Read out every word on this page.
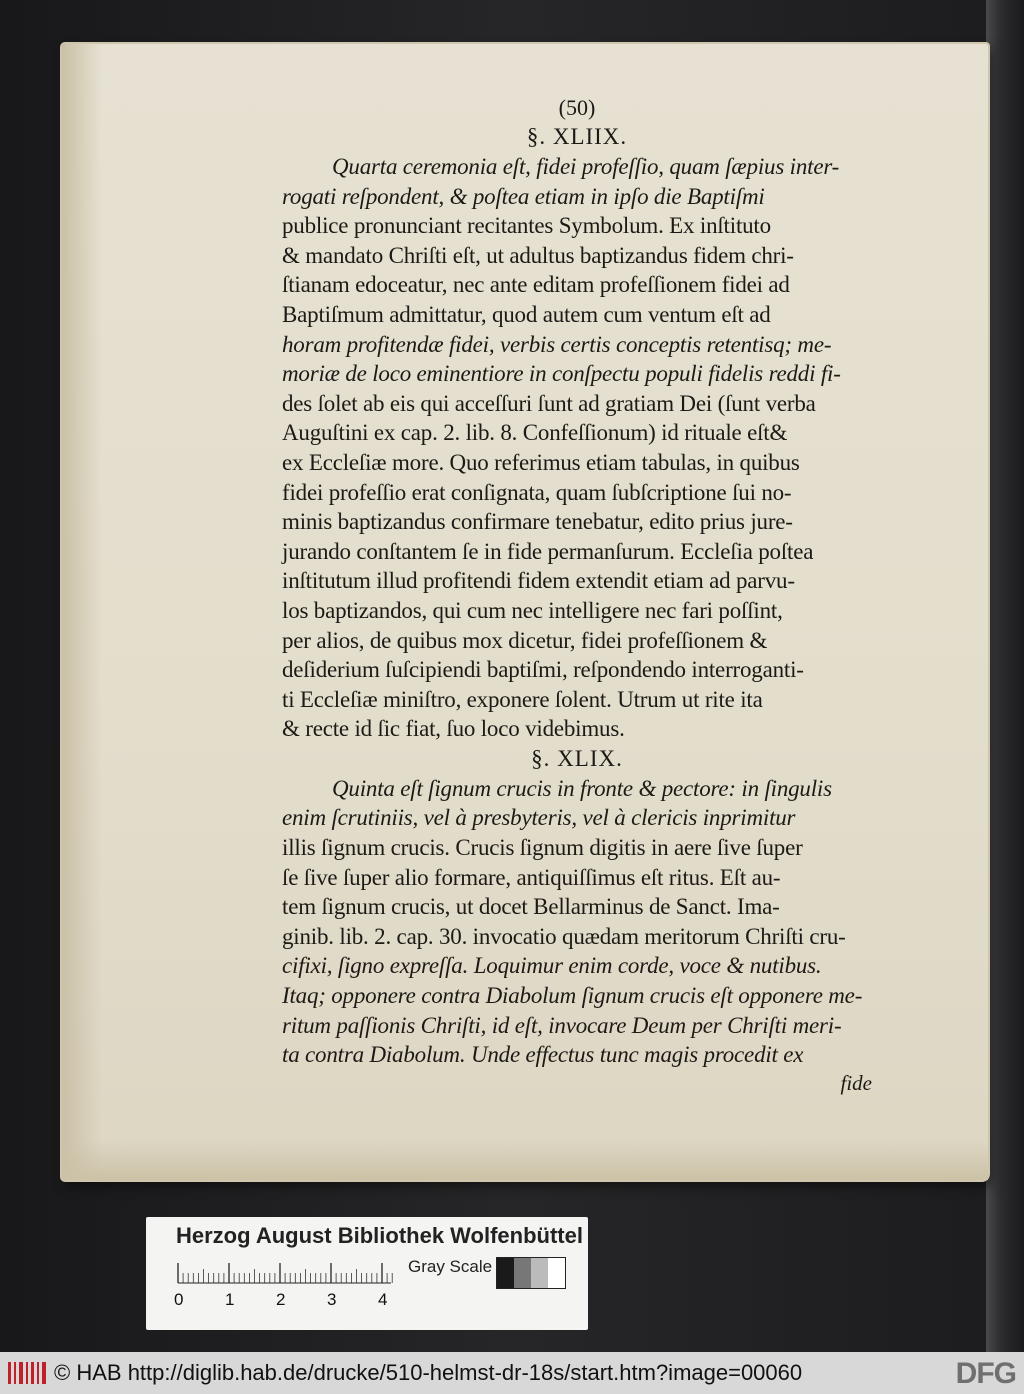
(50)
§. XLIIX.
Quarta ceremonia eſt, fidei profeſſio, quam ſæpius inter-
rogati reſpondent, & poſtea etiam in ipſo die Baptiſmi
publice pronunciant recitantes Symbolum. Ex inſtituto
& mandato Chriſti eſt, ut adultus baptizandus fidem chri-
ſtianam edoceatur, nec ante editam profeſſionem fidei ad
Baptiſmum admittatur, quod autem cum ventum eſt ad
horam profitendæ fidei, verbis certis conceptis retentisq; me-
moriæ de loco eminentiore in conſpectu populi fidelis reddi fi-
des ſolet ab eis qui acceſſuri ſunt ad gratiam Dei (ſunt verba
Auguſtini ex cap. 2. lib. 8. Confeſſionum) id rituale eſt&
ex Eccleſiæ more. Quo referimus etiam tabulas, in quibus
fidei profeſſio erat conſignata, quam ſubſcriptione ſui no-
minis baptizandus confirmare tenebatur, edito prius jure-
jurando conſtantem ſe in fide permanſurum. Eccleſia poſtea
inſtitutum illud profitendi fidem extendit etiam ad parvu-
los baptizandos, qui cum nec intelligere nec fari poſſint,
per alios, de quibus mox dicetur, fidei profeſſionem &
deſiderium ſuſcipiendi baptiſmi, reſpondendo interroganti-
ti Eccleſiæ miniſtro, exponere ſolent. Utrum ut rite ita
& recte id ſic fiat, ſuo loco videbimus.
§. XLIX.
Quinta eſt ſignum crucis in fronte & pectore: in ſingulis
enim ſcrutiniis, vel à presbyteris, vel à clericis inprimitur
illis ſignum crucis. Crucis ſignum digitis in aere ſive ſuper
ſe ſive ſuper alio formare, antiquiſſimus eſt ritus. Eſt au-
tem ſignum crucis, ut docet Bellarminus de Sanct. Ima-
ginib. lib. 2. cap. 30. invocatio quædam meritorum Chriſti cru-
cifixi, ſigno expreſſa. Loquimur enim corde, voce & nutibus.
Itaq; opponere contra Diabolum ſignum crucis eſt opponere me-
ritum paſſionis Chriſti, id eſt, invocare Deum per Chriſti meri-
ta contra Diabolum. Unde effectus tunc magis procedit ex
fide
Herzog August Bibliothek Wolfenbüttel
0 1 2 3 4
Gray Scale
© HAB http://diglib.hab.de/drucke/510-helmst-dr-18s/start.htm?image=00060	DFG
